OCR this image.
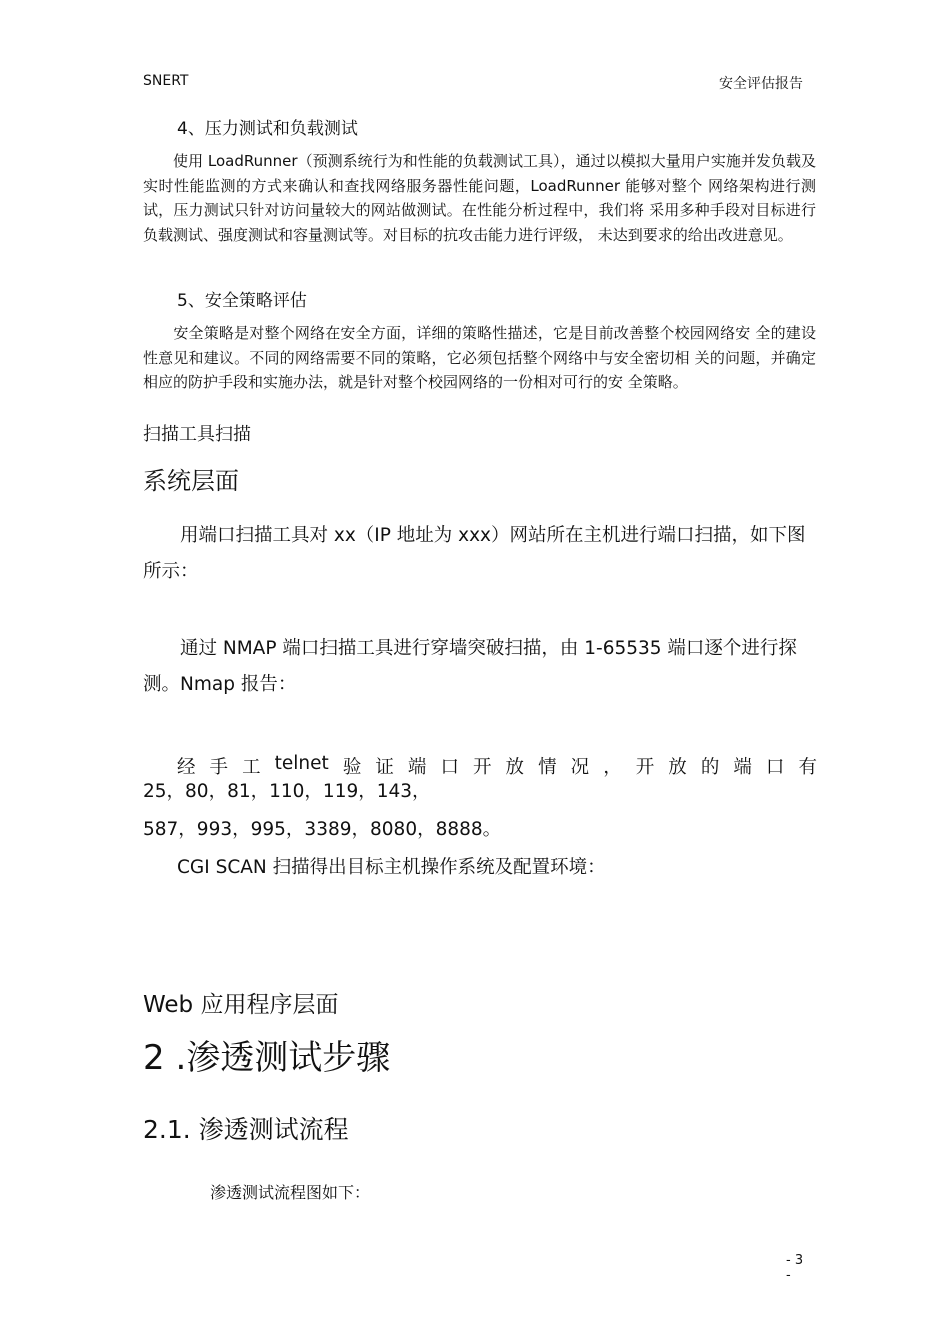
SNERT	安全评估报告
4、压力测试和负载测试
　　使用 LoadRunner（预测系统行为和性能的负载测试工具），通过以模拟大量用户实施并发负载及实时性能监测的方式来确认和查找网络服务器性能问题，LoadRunner 能够对整个 网络架构进行测试，压力测试只针对访问量较大的网站做测试。在性能分析过程中，我们将 采用多种手段对目标进行负载测试、强度测试和容量测试等。对目标的抗攻击能力进行评级， 未达到要求的给出改进意见。
5、安全策略评估
　　安全策略是对整个网络在安全方面，详细的策略性描述，它是目前改善整个校园网络安 全的建设性意见和建议。不同的网络需要不同的策略，它必须包括整个网络中与安全密切相 关的问题，并确定相应的防护手段和实施办法，就是针对整个校园网络的一份相对可行的安 全策略。
扫描工具扫描
系统层面
　　用端口扫描工具对 xx（IP 地址为 xxx）网站所在主机进行端口扫描，如下图所示：
　　通过 NMAP 端口扫描工具进行穿墙突破扫描，由 1-65535 端口逐个进行探测。Nmap 报告：
经 手 工 telnet 验 证 端 口 开 放 情 况 ， 开 放 的 端 口 有
25，80，81，110，119，143，
587，993，995，3389，8080，8888。
CGI SCAN 扫描得出目标主机操作系统及配置环境：
Web 应用程序层面
2 .渗透测试步骤
2.1. 渗透测试流程
渗透测试流程图如下：
- 3
-
